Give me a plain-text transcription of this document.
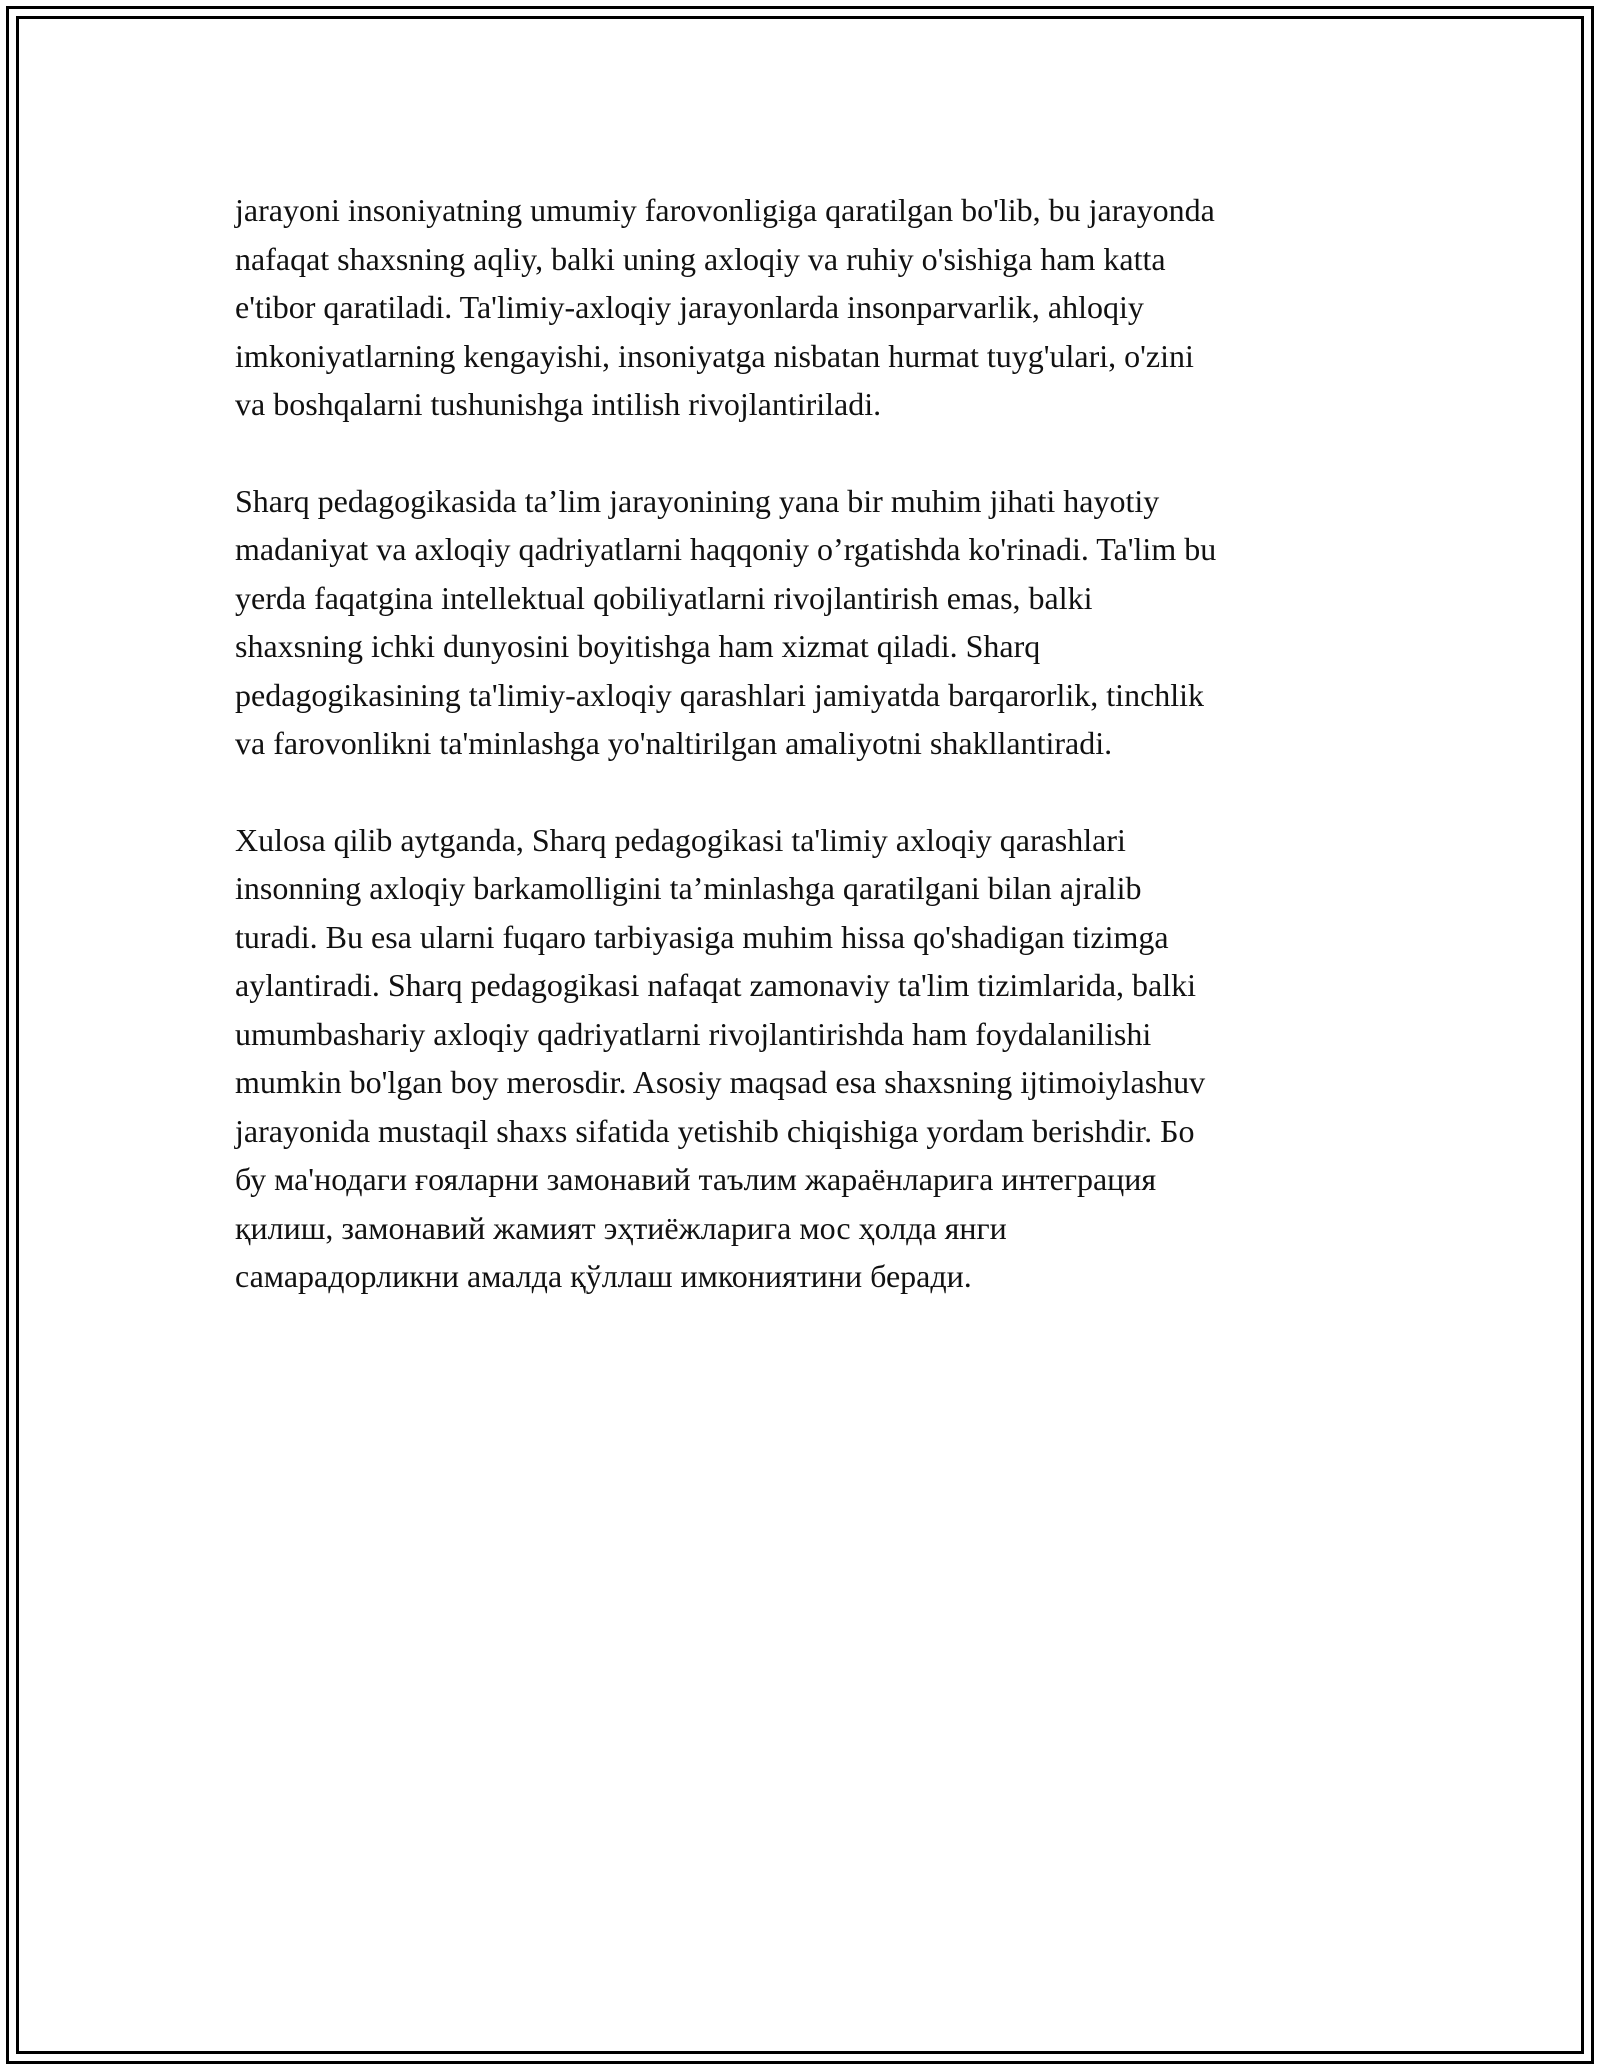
jarayoni insoniyatning umumiy farovonligiga qaratilgan bo'lib, bu jarayonda
nafaqat shaxsning aqliy, balki uning axloqiy va ruhiy o'sishiga ham katta
e'tibor qaratiladi. Ta'limiy-axloqiy jarayonlarda insonparvarlik, ahloqiy
imkoniyatlarning kengayishi, insoniyatga nisbatan hurmat tuyg'ulari, o'zini
va boshqalarni tushunishga intilish rivojlantiriladi.

Sharq pedagogikasida ta’lim jarayonining yana bir muhim jihati hayotiy
madaniyat va axloqiy qadriyatlarni haqqoniy o’rgatishda ko'rinadi. Ta'lim bu
yerda faqatgina intellektual qobiliyatlarni rivojlantirish emas, balki
shaxsning ichki dunyosini boyitishga ham xizmat qiladi. Sharq
pedagogikasining ta'limiy-axloqiy qarashlari jamiyatda barqarorlik, tinchlik
va farovonlikni ta'minlashga yo'naltirilgan amaliyotni shakllantiradi.

Xulosa qilib aytganda, Sharq pedagogikasi ta'limiy axloqiy qarashlari
insonning axloqiy barkamolligini ta’minlashga qaratilgani bilan ajralib
turadi. Bu esa ularni fuqaro tarbiyasiga muhim hissa qo'shadigan tizimga
aylantiradi. Sharq pedagogikasi nafaqat zamonaviy ta'lim tizimlarida, balki
umumbashariy axloqiy qadriyatlarni rivojlantirishda ham foydalanilishi
mumkin bo'lgan boy merosdir. Asosiy maqsad esa shaxsning ijtimoiylashuv
jarayonida mustaqil shaxs sifatida yetishib chiqishiga yordam berishdir. Бо
бу ма'нодаги ғояларни замонавий таълим жараёнларига интеграция
қилиш, замонавий жамият эҳтиёжларига мос ҳолда янги
самарадорликни амалда қўллаш имкониятини беради.
